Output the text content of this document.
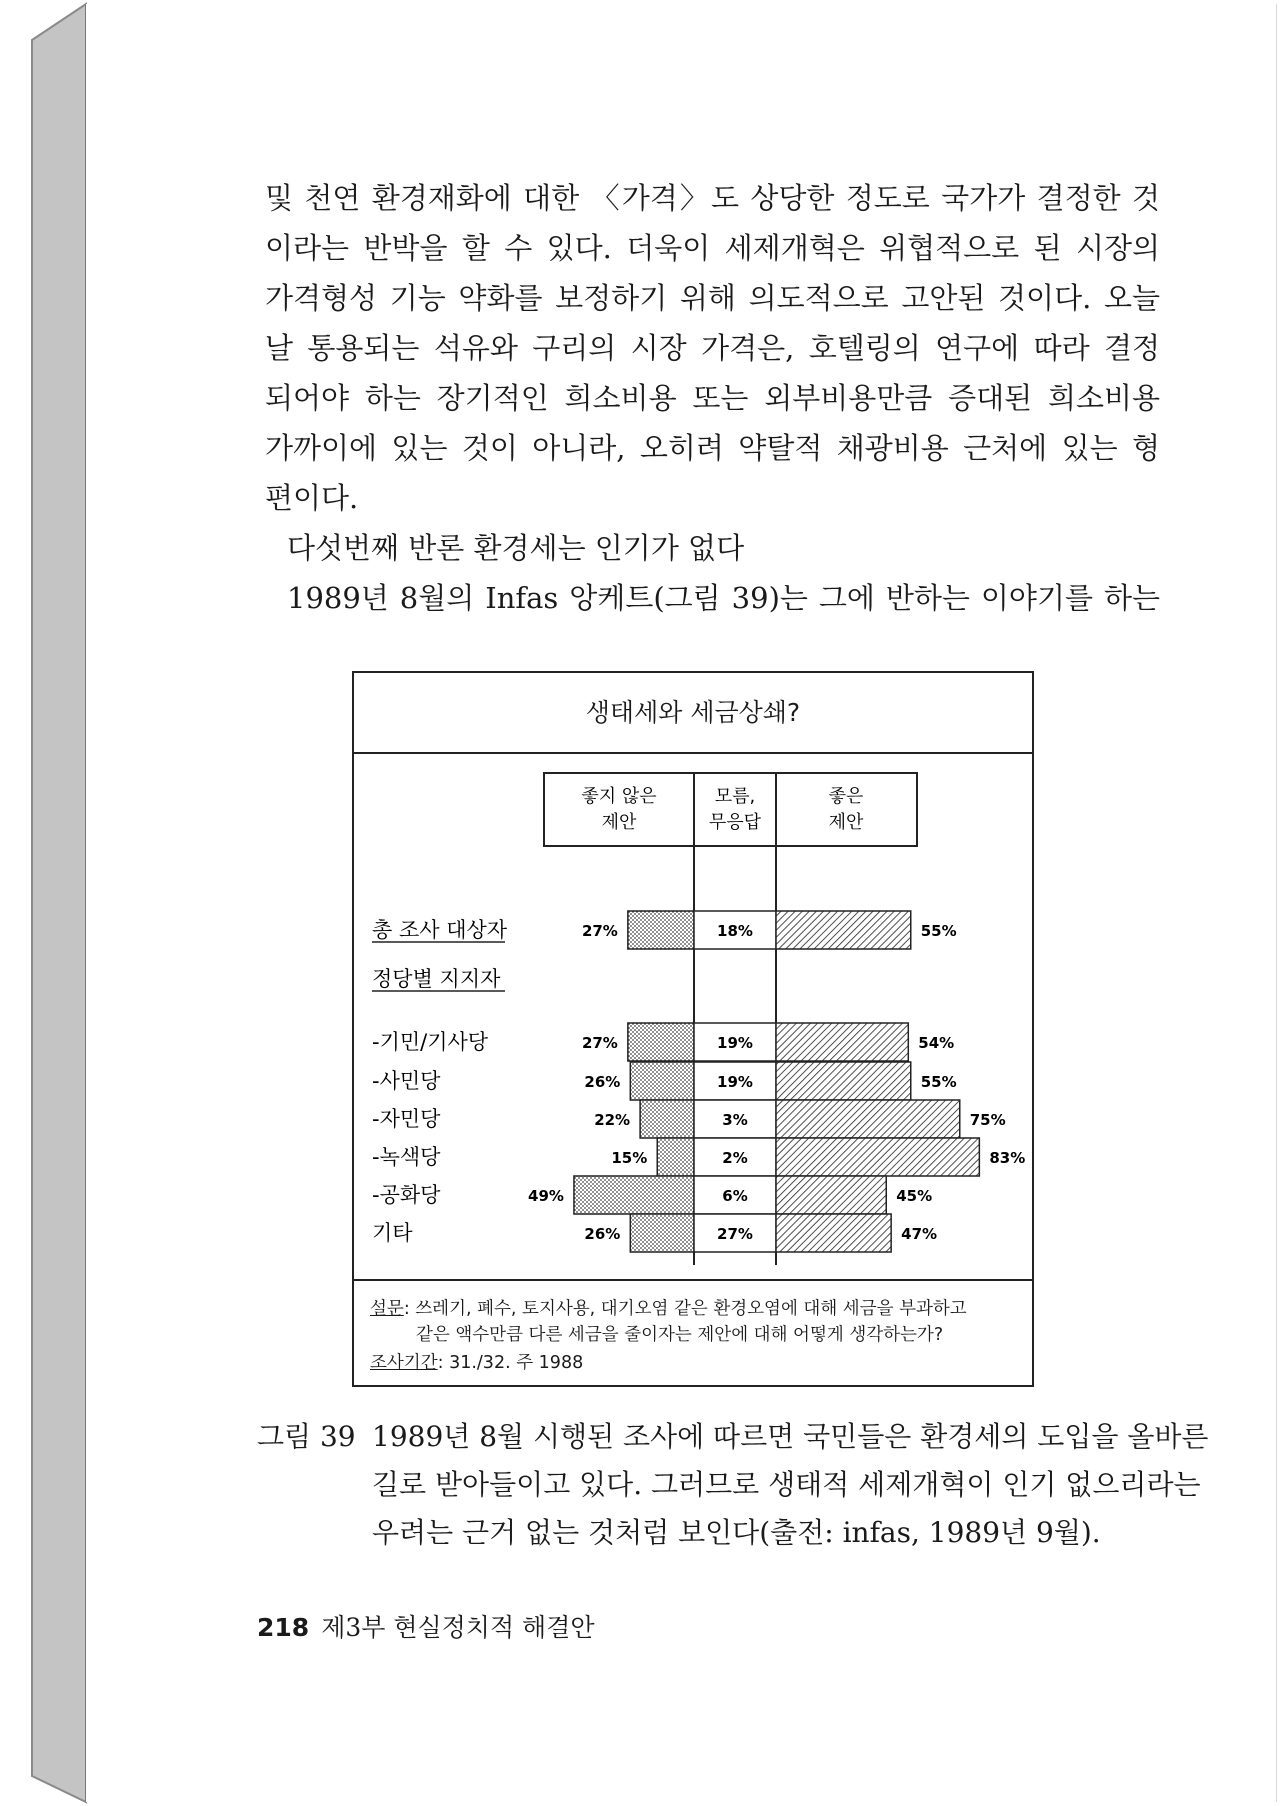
및 천연 환경재화에 대한 〈가격〉도 상당한 정도로 국가가 결정한 것
이라는 반박을 할 수 있다. 더욱이 세제개혁은 위협적으로 된 시장의
가격형성 기능 약화를 보정하기 위해 의도적으로 고안된 것이다. 오늘
날 통용되는 석유와 구리의 시장 가격은, 호텔링의 연구에 따라 결정
되어야 하는 장기적인 희소비용 또는 외부비용만큼 증대된 희소비용
가까이에 있는 것이 아니라, 오히려 약탈적 채광비용 근처에 있는 형
편이다.
다섯번째 반론 환경세는 인기가 없다
1989년 8월의 Infas 앙케트(그림 39)는 그에 반하는 이야기를 하는
좋지 않은
제안
모름,
무응답
좋은
제안
정당별 지지자
총 조사 대상자	27%	18%	55%
-기민/기사당	27%	19%	54%
-사민당	26%	19%	55%
-자민당	22%	3%	75%
-녹색당	15%	2%	83%
-공화당	49%	6%	45%
기타	26%	27%	47%
생태세와 세금상쇄?
설문: 쓰레기, 폐수, 토지사용, 대기오염 같은 환경오염에 대해 세금을 부과하고
같은 액수만큼 다른 세금을 줄이자는 제안에 대해 어떻게 생각하는가?
조사기간: 31./32. 주 1988
그림 39 1989년 8월 시행된 조사에 따르면 국민들은 환경세의 도입을 올바른
길로 받아들이고 있다. 그러므로 생태적 세제개혁이 인기 없으리라는
우려는 근거 없는 것처럼 보인다(출전: infas, 1989년 9월).
218 제3부 현실정치적 해결안
